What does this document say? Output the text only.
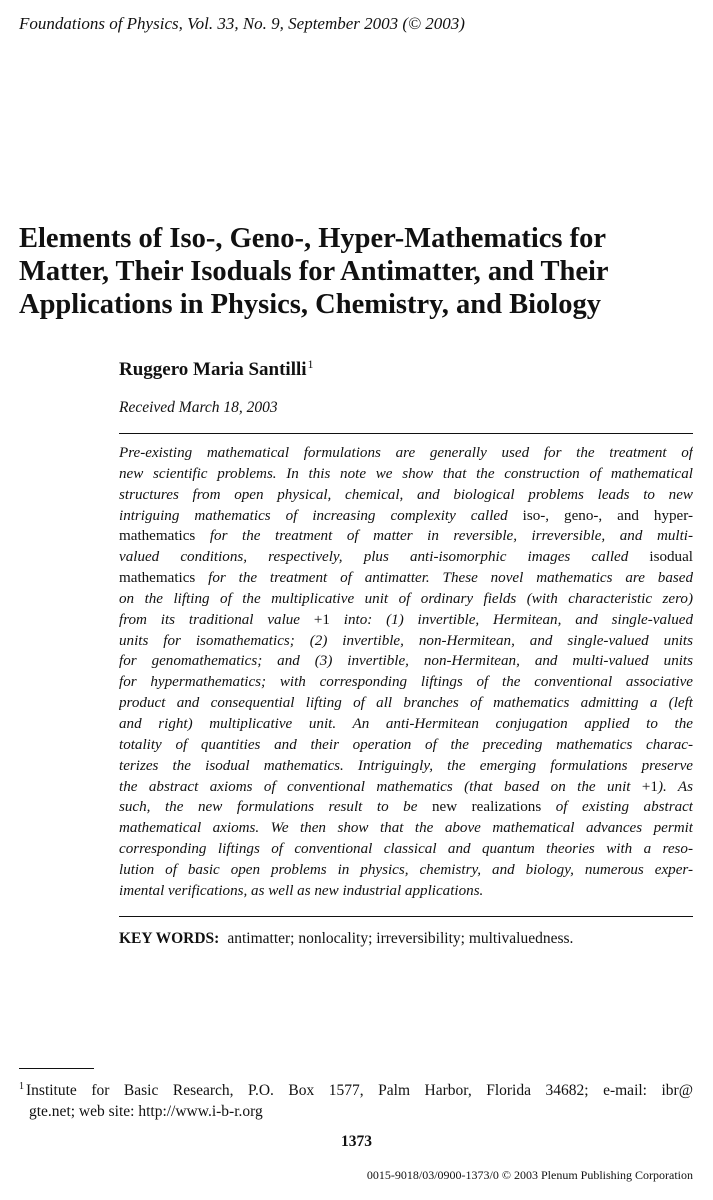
Foundations of Physics, Vol. 33, No. 9, September 2003 (© 2003)
Elements of Iso-, Geno-, Hyper-Mathematics for
Matter, Their Isoduals for Antimatter, and Their
Applications in Physics, Chemistry, and Biology
Ruggero Maria Santilli$^1$
Received March 18, 2003
Pre-existing mathematical formulations are generally used for the treatment of
new scientific problems. In this note we show that the construction of mathematical
structures from open physical, chemical, and biological problems leads to new
intriguing mathematics of increasing complexity called iso-, geno-, and hyper-
mathematics for the treatment of matter in reversible, irreversible, and multi-
valued conditions, respectively, plus anti-isomorphic images called isodual
mathematics for the treatment of antimatter. These novel mathematics are based
on the lifting of the multiplicative unit of ordinary fields (with characteristic zero)
from its traditional value +1 into: (1) invertible, Hermitean, and single-valued
units for isomathematics; (2) invertible, non-Hermitean, and single-valued units
for genomathematics; and (3) invertible, non-Hermitean, and multi-valued units
for hypermathematics; with corresponding liftings of the conventional associative
product and consequential lifting of all branches of mathematics admitting a (left
and right) multiplicative unit. An anti-Hermitean conjugation applied to the
totality of quantities and their operation of the preceding mathematics charac-
terizes the isodual mathematics. Intriguingly, the emerging formulations preserve
the abstract axioms of conventional mathematics (that based on the unit +1). As
such, the new formulations result to be new realizations of existing abstract
mathematical axioms. We then show that the above mathematical advances permit
corresponding liftings of conventional classical and quantum theories with a reso-
lution of basic open problems in physics, chemistry, and biology, numerous exper-
imental verifications, as well as new industrial applications.
KEY WORDS: antimatter; nonlocality; irreversibility; multivaluedness.
$^1$ Institute for Basic Research, P.O. Box 1577, Palm Harbor, Florida 34682; e-mail: ibr@
gte.net; web site: http://www.i-b-r.org
1373
0015-9018/03/0900-1373/0 © 2003 Plenum Publishing Corporation
